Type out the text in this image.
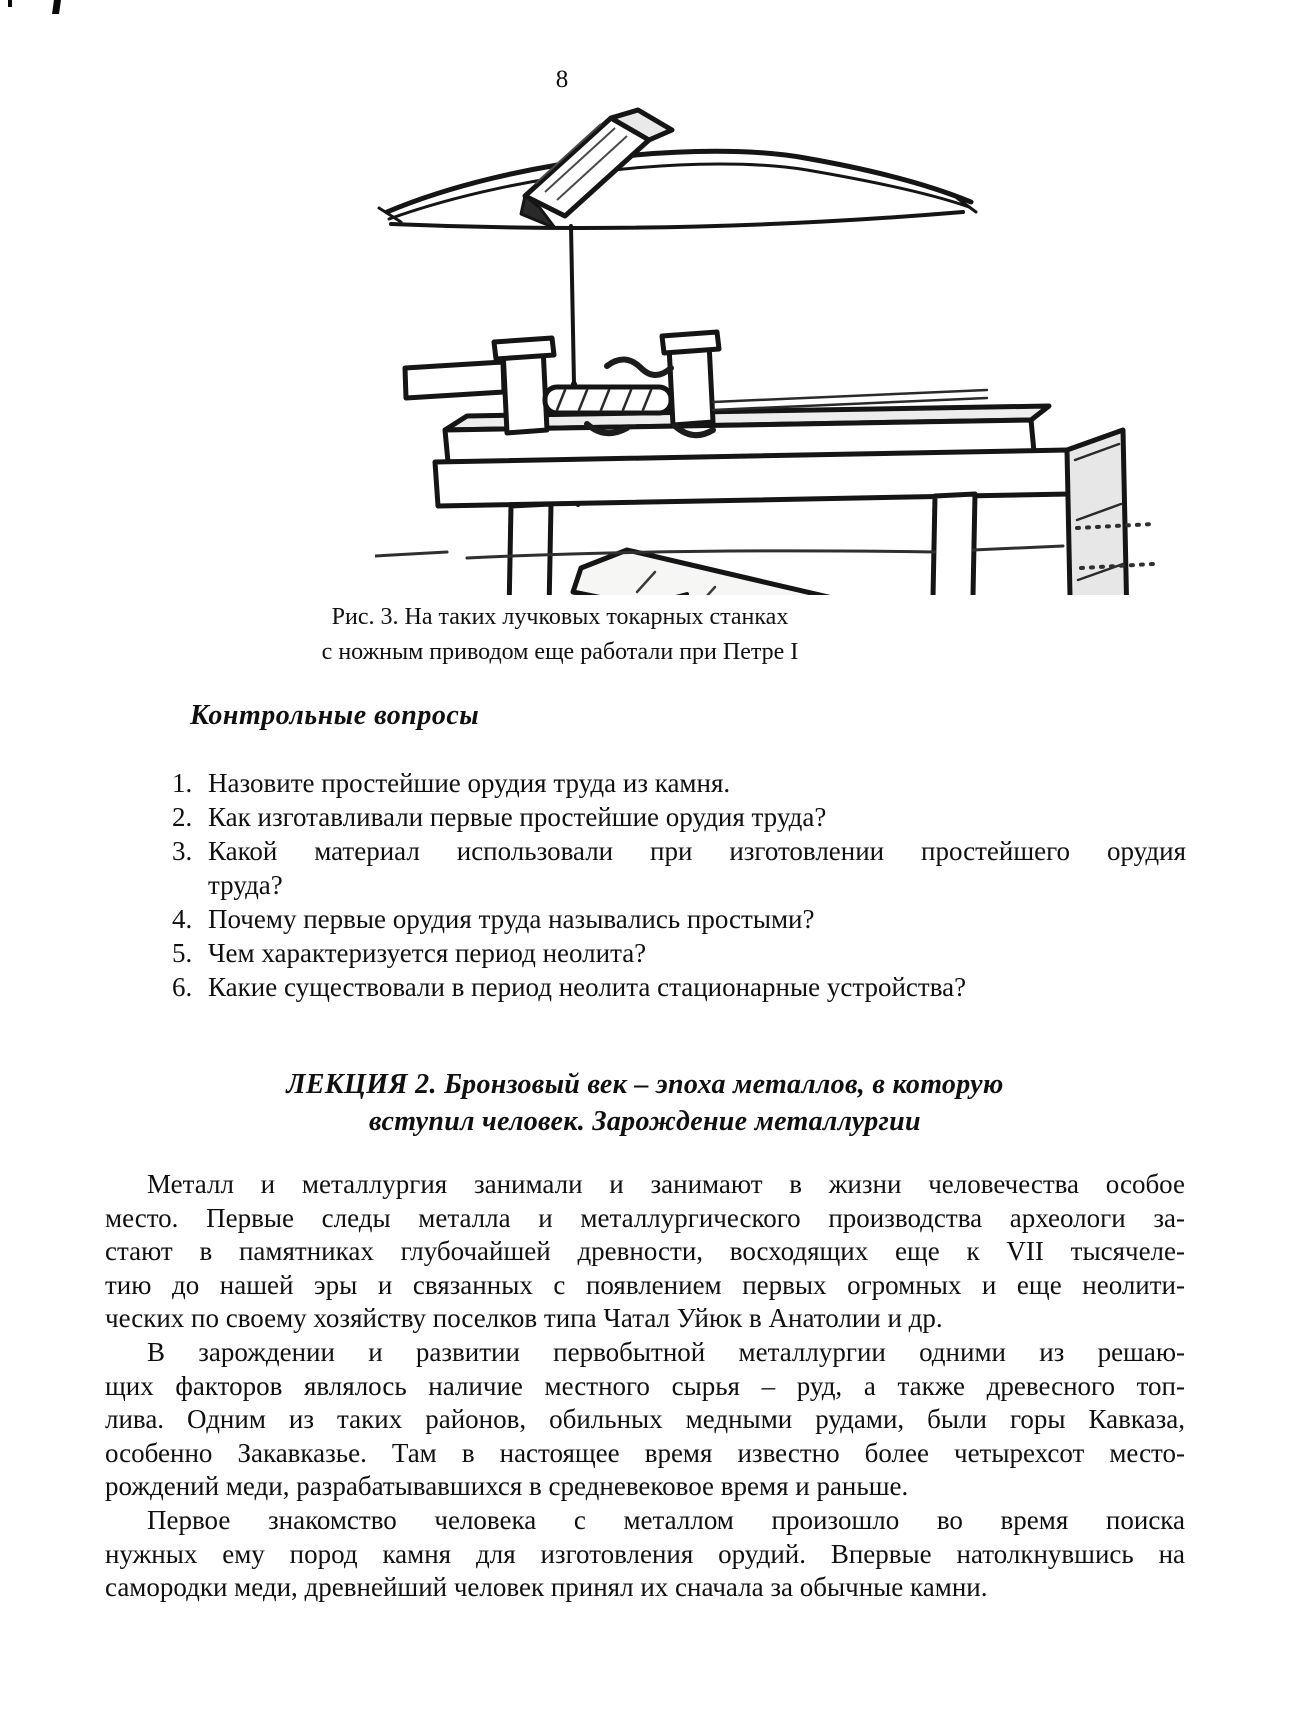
8
Рис. 3. На таких лучковых токарных станках
с ножным приводом еще работали при Петре I
Контрольные вопросы
1. Назовите простейшие орудия труда из камня.
2. Как изготавливали первые простейшие орудия труда?
3. Какой материал использовали при изготовлении простейшего орудия
труда?
4. Почему первые орудия труда назывались простыми?
5. Чем характеризуется период неолита?
6. Какие существовали в период неолита стационарные устройства?
ЛЕКЦИЯ 2. Бронзовый век – эпоха металлов, в которую
вступил человек. Зарождение металлургии
Металл и металлургия занимали и занимают в жизни человечества особое
место. Первые следы металла и металлургического производства археологи за-
стают в памятниках глубочайшей древности, восходящих еще к VII тысячеле-
тию до нашей эры и связанных с появлением первых огромных и еще неолити-
ческих по своему хозяйству поселков типа Чатал Уйюк в Анатолии и др.
В зарождении и развитии первобытной металлургии одними из решаю-
щих факторов являлось наличие местного сырья – руд, а также древесного топ-
лива. Одним из таких районов, обильных медными рудами, были горы Кавказа,
особенно Закавказье. Там в настоящее время известно более четырехсот место-
рождений меди, разрабатывавшихся в средневековое время и раньше.
Первое знакомство человека с металлом произошло во время поиска
нужных ему пород камня для изготовления орудий. Впервые натолкнувшись на
самородки меди, древнейший человек принял их сначала за обычные камни.
